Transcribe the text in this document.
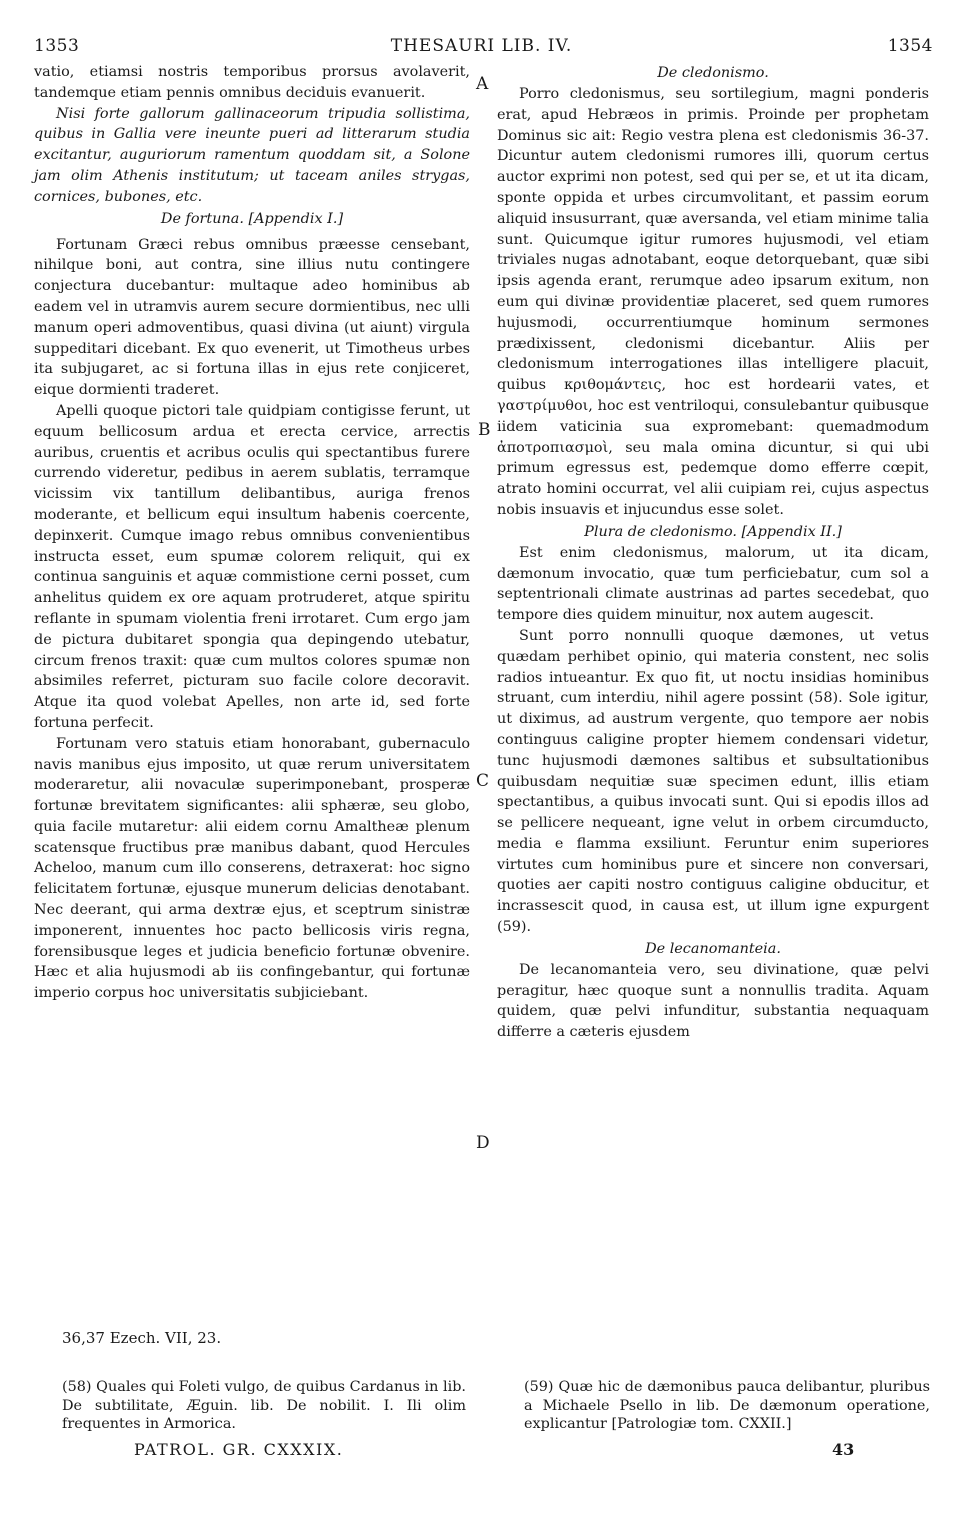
THESAURI LIB. IV.
1353	1354

vatio, etiamsi nostris temporibus prorsus avolaverit, tandemque etiam pennis omnibus deciduis evanuerit.

Nisi forte gallorum gallinaceorum tripudia sollistima, quibus in Gallia vere ineunte pueri ad litterarum studia excitantur, auguriorum ramentum quoddam sit, a Solone jam olim Athenis institutum; ut taceam aniles strygas, cornices, bubones, etc.

De fortuna. [Appendix I.]

Fortunam Græci rebus omnibus præesse censebant, nihilque boni, aut contra, sine illius nutu contingere conjectura ducebantur: multaque adeo hominibus ab eadem vel in utramvis aurem secure dormientibus, nec ulli manum operi admoventibus, quasi divina (ut aiunt) virgula suppeditari dicebant. Ex quo evenerit, ut Timotheus urbes ita subjugaret, ac si fortuna illas in ejus rete conjiceret, eique dormienti traderet.

Apelli quoque pictori tale quidpiam contigisse ferunt, ut equum bellicosum ardua et erecta cervice, arrectis auribus, cruentis et acribus oculis qui spectantibus furere currendo videretur, pedibus in aerem sublatis, terramque vicissim vix tantillum delibantibus, auriga frenos moderante, et bellicum equi insultum habenis coercente, depinxerit. Cumque imago rebus omnibus convenientibus instructa esset, eum spumæ colorem reliquit, qui ex continua sanguinis et aquæ commistione cerni posset, cum anhelitus quidem ex ore aquam protruderet, atque spiritu reflante in spumam violentia freni irrotaret. Cum ergo jam de pictura dubitaret spongia qua depingendo utebatur, circum frenos traxit: quæ cum multos colores spumæ non absimiles referret, picturam suo facile colore decoravit. Atque ita quod volebat Apelles, non arte id, sed forte fortuna perfecit.

Fortunam vero statuis etiam honorabant, gubernaculo navis manibus ejus imposito, ut quæ rerum universitatem moderaretur, alii novaculæ superimponebant, prosperæ fortunæ brevitatem significantes: alii sphæræ, seu globo, quia facile mutaretur: alii eidem cornu Amaltheæ plenum scatensque fructibus præ manibus dabant, quod Hercules Acheloo, manum cum illo conserens, detraxerat: hoc signo felicitatem fortunæ, ejusque munerum delicias denotabant. Nec deerant, qui arma dextræ ejus, et sceptrum sinistræ imponerent, innuentes hoc pacto bellicosis viris regna, forensibusque leges et judicia beneficio fortunæ obvenire. Hæc et alia hujusmodi ab iis confingebantur, qui fortunæ imperio corpus hoc universitatis subjiciebant.

A
B
C
D
De cledonismo.

Porro cledonismus, seu sortilegium, magni ponderis erat, apud Hebræos in primis. Proinde per prophetam Dominus sic ait: Regio vestra plena est cledonismis 36-37. Dicuntur autem cledonismi rumores illi, quorum certus auctor exprimi non potest, sed qui per se, et ut ita dicam, sponte oppida et urbes circumvolitant, et passim eorum aliquid insusurrant, quæ aversanda, vel etiam minime talia sunt. Quicumque igitur rumores hujusmodi, vel etiam triviales nugas adnotabant, eoque detorquebant, quæ sibi ipsis agenda erant, rerumque adeo ipsarum exitum, non eum qui divinæ providentiæ placeret, sed quem rumores hujusmodi, occurrentiumque hominum sermones prædixissent, cledonismi dicebantur. Aliis per cledonismum interrogationes illas intelligere placuit, quibus κριθομάντεις, hoc est hordearii vates, et γαστρίμυθοι, hoc est ventriloqui, consulebantur quibusque iidem vaticinia sua expromebant: quemadmodum ἀποτροπιασμοὶ, seu mala omina dicuntur, si qui ubi primum egressus est, pedemque domo efferre cœpit, atrato homini occurrat, vel alii cuipiam rei, cujus aspectus nobis insuavis et injucundus esse solet.

Plura de cledonismo. [Appendix II.]

Est enim cledonismus, malorum, ut ita dicam, dæmonum invocatio, quæ tum perficiebatur, cum sol a septentrionali climate austrinas ad partes secedebat, quo tempore dies quidem minuitur, nox autem augescit.

Sunt porro nonnulli quoque dæmones, ut vetus quædam perhibet opinio, qui materia constent, nec solis radios intueantur. Ex quo fit, ut noctu insidias hominibus struant, cum interdiu, nihil agere possint (58). Sole igitur, ut diximus, ad austrum vergente, quo tempore aer nobis continguus caligine propter hiemem condensari videtur, tunc hujusmodi dæmones saltibus et subsultationibus quibusdam nequitiæ suæ specimen edunt, illis etiam spectantibus, a quibus invocati sunt. Qui si epodis illos ad se pellicere nequeant, igne velut in orbem circumducto, media e flamma exsiliunt. Feruntur enim superiores virtutes cum hominibus pure et sincere non conversari, quoties aer capiti nostro contiguus caligine obducitur, et incrassescit quod, in causa est, ut illum igne expurgent (59).

De lecanomanteia.

De lecanomanteia vero, seu divinatione, quæ pelvi peragitur, hæc quoque sunt a nonnullis tradita. Aquam quidem, quæ pelvi infunditur, substantia nequaquam differre a cæteris ejusdem

36,37 Ezech. VII, 23.
(58) Quales qui Foleti vulgo, de quibus Cardanus in lib. De subtilitate, Æguin. lib. De nobilit. I. Ili olim frequentes in Armorica.
(59) Quæ hic de dæmonibus pauca delibantur, pluribus a Michaele Psello in lib. De dæmonum operatione, explicantur [Patrologiæ tom. CXXII.]
PATROL. GR. CXXXIX.	43
